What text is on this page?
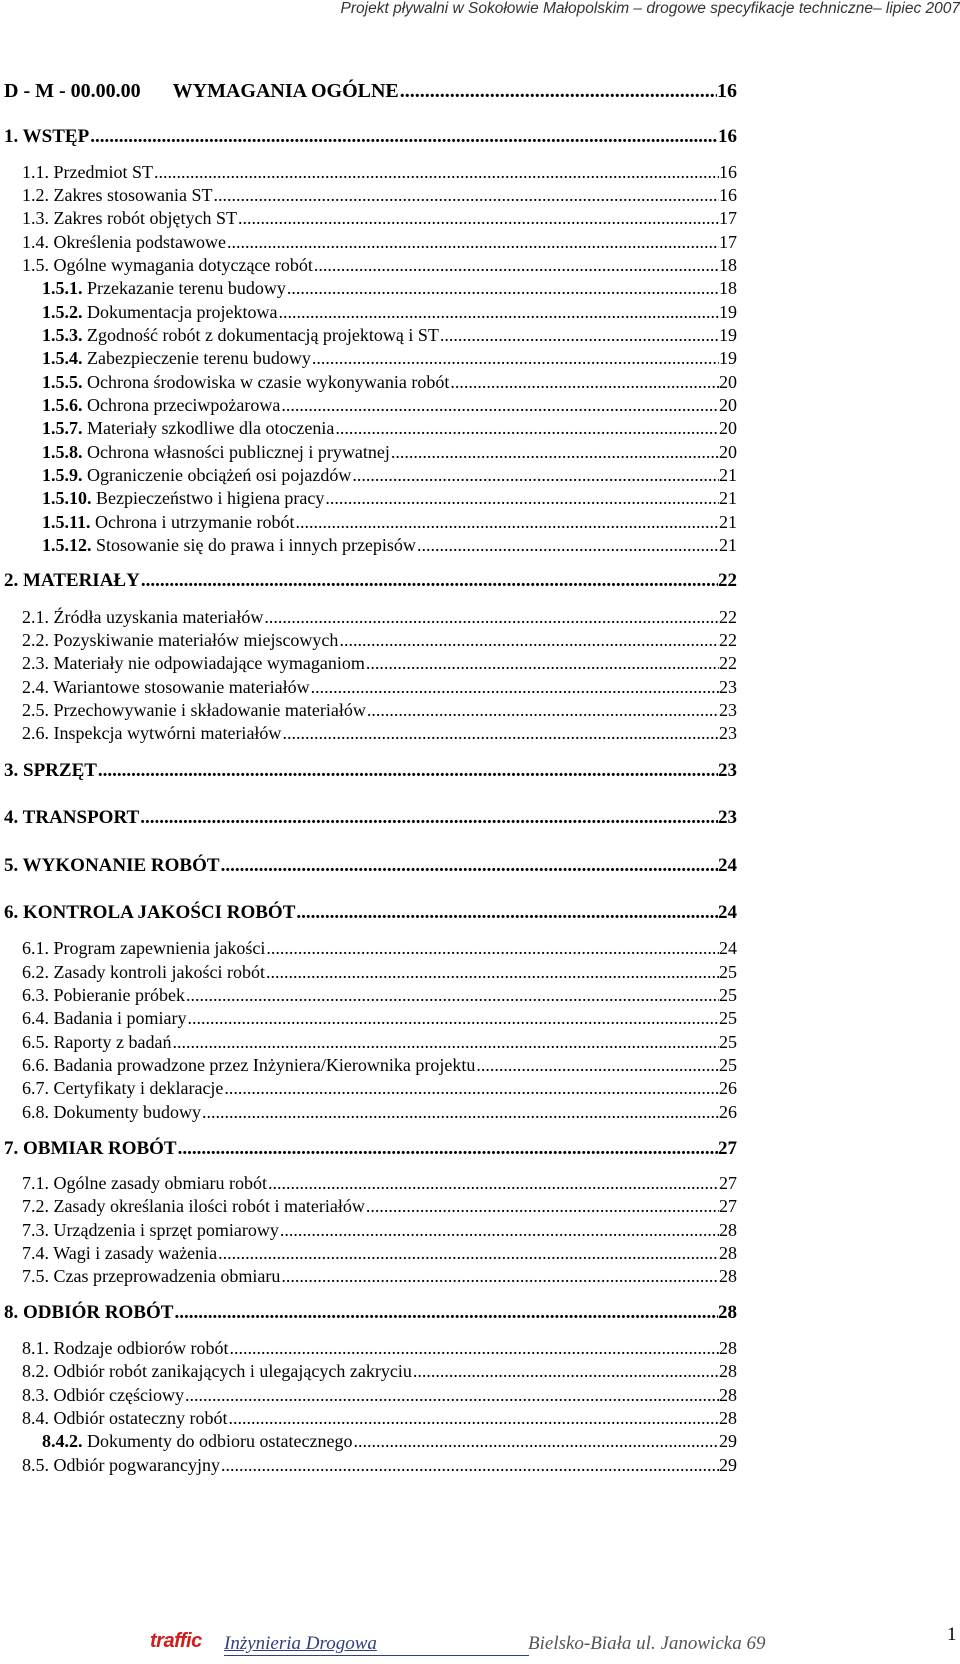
Projekt pływalni w Sokołowie Małopolskim – drogowe specyfikacje techniczne– lipiec 2007
D - M - 00.00.00 WYMAGANIA OGÓLNE .....	16
1. WSTĘP .....	16
1.1. Przedmiot ST .....	16
1.2. Zakres stosowania ST .....	16
1.3. Zakres robót objętych ST .....	17
1.4. Określenia podstawowe .....	17
1.5. Ogólne wymagania dotyczące robót .....	18
1.5.1. Przekazanie terenu budowy .....	18
1.5.2. Dokumentacja projektowa .....	19
1.5.3. Zgodność robót z dokumentacją projektową i ST .....	19
1.5.4. Zabezpieczenie terenu budowy .....	19
1.5.5. Ochrona środowiska w czasie wykonywania robót .....	20
1.5.6. Ochrona przeciwpożarowa .....	20
1.5.7. Materiały szkodliwe dla otoczenia .....	20
1.5.8. Ochrona własności publicznej i prywatnej .....	20
1.5.9. Ograniczenie obciążeń osi pojazdów .....	21
1.5.10. Bezpieczeństwo i higiena pracy .....	21
1.5.11. Ochrona i utrzymanie robót .....	21
1.5.12. Stosowanie się do prawa i innych przepisów .....	21
2. MATERIAŁY .....	22
2.1. Źródła uzyskania materiałów .....	22
2.2. Pozyskiwanie materiałów miejscowych .....	22
2.3. Materiały nie odpowiadające wymaganiom .....	22
2.4. Wariantowe stosowanie materiałów .....	23
2.5. Przechowywanie i składowanie materiałów .....	23
2.6. Inspekcja wytwórni materiałów .....	23
3. SPRZĘT .....	23
4. TRANSPORT .....	23
5. WYKONANIE ROBÓT .....	24
6. KONTROLA JAKOŚCI ROBÓT .....	24
6.1. Program zapewnienia jakości .....	24
6.2. Zasady kontroli jakości robót .....	25
6.3. Pobieranie próbek .....	25
6.4. Badania i pomiary .....	25
6.5. Raporty z badań .....	25
6.6. Badania prowadzone przez Inżyniera/Kierownika projektu .....	25
6.7. Certyfikaty i deklaracje .....	26
6.8. Dokumenty budowy .....	26
7. OBMIAR ROBÓT .....	27
7.1. Ogólne zasady obmiaru robót .....	27
7.2. Zasady określania ilości robót i materiałów .....	27
7.3. Urządzenia i sprzęt pomiarowy .....	28
7.4. Wagi i zasady ważenia .....	28
7.5. Czas przeprowadzenia obmiaru .....	28
8. ODBIÓR ROBÓT .....	28
8.1. Rodzaje odbiorów robót .....	28
8.2. Odbiór robót zanikających i ulegających zakryciu .....	28
8.3. Odbiór częściowy .....	28
8.4. Odbiór ostateczny robót .....	28
8.4.2. Dokumenty do odbioru ostatecznego .....	29
8.5. Odbiór pogwarancyjny .....	29
traffic Inżynieria Drogowa	Bielsko-Biała ul. Janowicka 69	1
